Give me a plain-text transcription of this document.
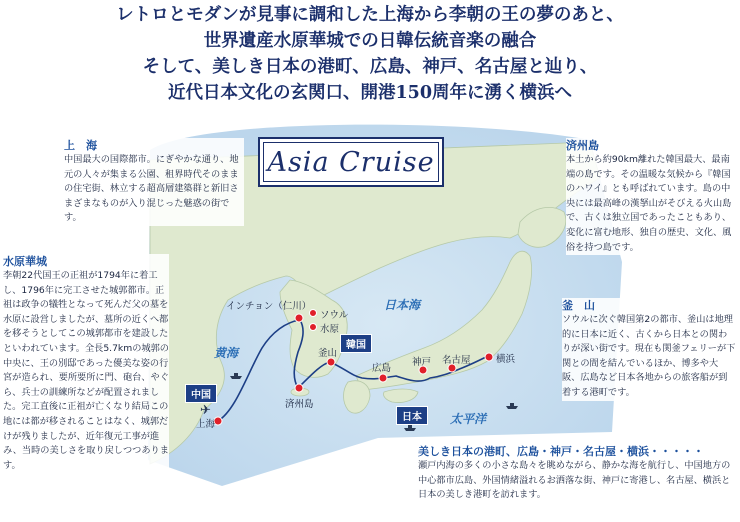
✈
レトロとモダンが見事に調和した上海から李朝の王の夢のあと、
世界遺産水原華城での日韓伝統音楽の融合
そして、美しき日本の港町、広島、神戸、名古屋と辿り、
近代日本文化の玄関口、開港150周年に湧く横浜へ
Asia Cruise
上　海
中国最大の国際都市。にぎやかな通り、地元の人々が集まる公園、租界時代そのままの住宅街、林立する超高層建築群と新旧さまざまなものが入り混じった魅惑の街です。
水原華城
李朝22代国王の正祖が1794年に着工し、1796年に完工させた城郭都市。正祖は政争の犠牲となって死んだ父の墓を水原に設営しましたが、墓所の近くへ都を移そうとしてこの城郭都市を建設したといわれています。全長5.7kmの城郭の中央に、王の別邸であった優美な姿の行宮が造られ、要所要所に門、砲台、やぐら、兵士の訓練所などが配置されました。完工直後に正祖が亡くなり結局この地には都が移されることはなく、城郭だけが残りましたが、近年復元工事が進み、当時の美しさを取り戻しつつあります。
済州島
本土から約90km離れた韓国最大、最南端の島です。その温暖な気候から『韓国のハワイ』とも呼ばれています。島の中央には最高峰の漢拏山がそびえる火山島で、古くは独立国であったこともあり、変化に富む地形、独自の歴史、文化、風俗を持つ島です。
釜　山
ソウルに次ぐ韓国第2の都市、釜山は地理的に日本に近く、古くから日本との関わりが深い街です。現在も関釜フェリーが下関との間を結んでいるほか、博多や大阪、広島など日本各地からの旅客船が到着する港町です。
美しき日本の港町、広島・神戸・名古屋・横浜・・・・・
瀬戸内海の多くの小さな島々を眺めながら、静かな海を航行し、中国地方の中心都市広島、外国情緒溢れるお洒落な街、神戸に寄港し、名古屋、横浜と日本の美しき港町を訪れます。
インチョン（仁川）
ソウル
水原
釜山
済州島
上海
広島
神戸 名古屋	横浜
日本海
黄海
太平洋
韓国
中国
日本
